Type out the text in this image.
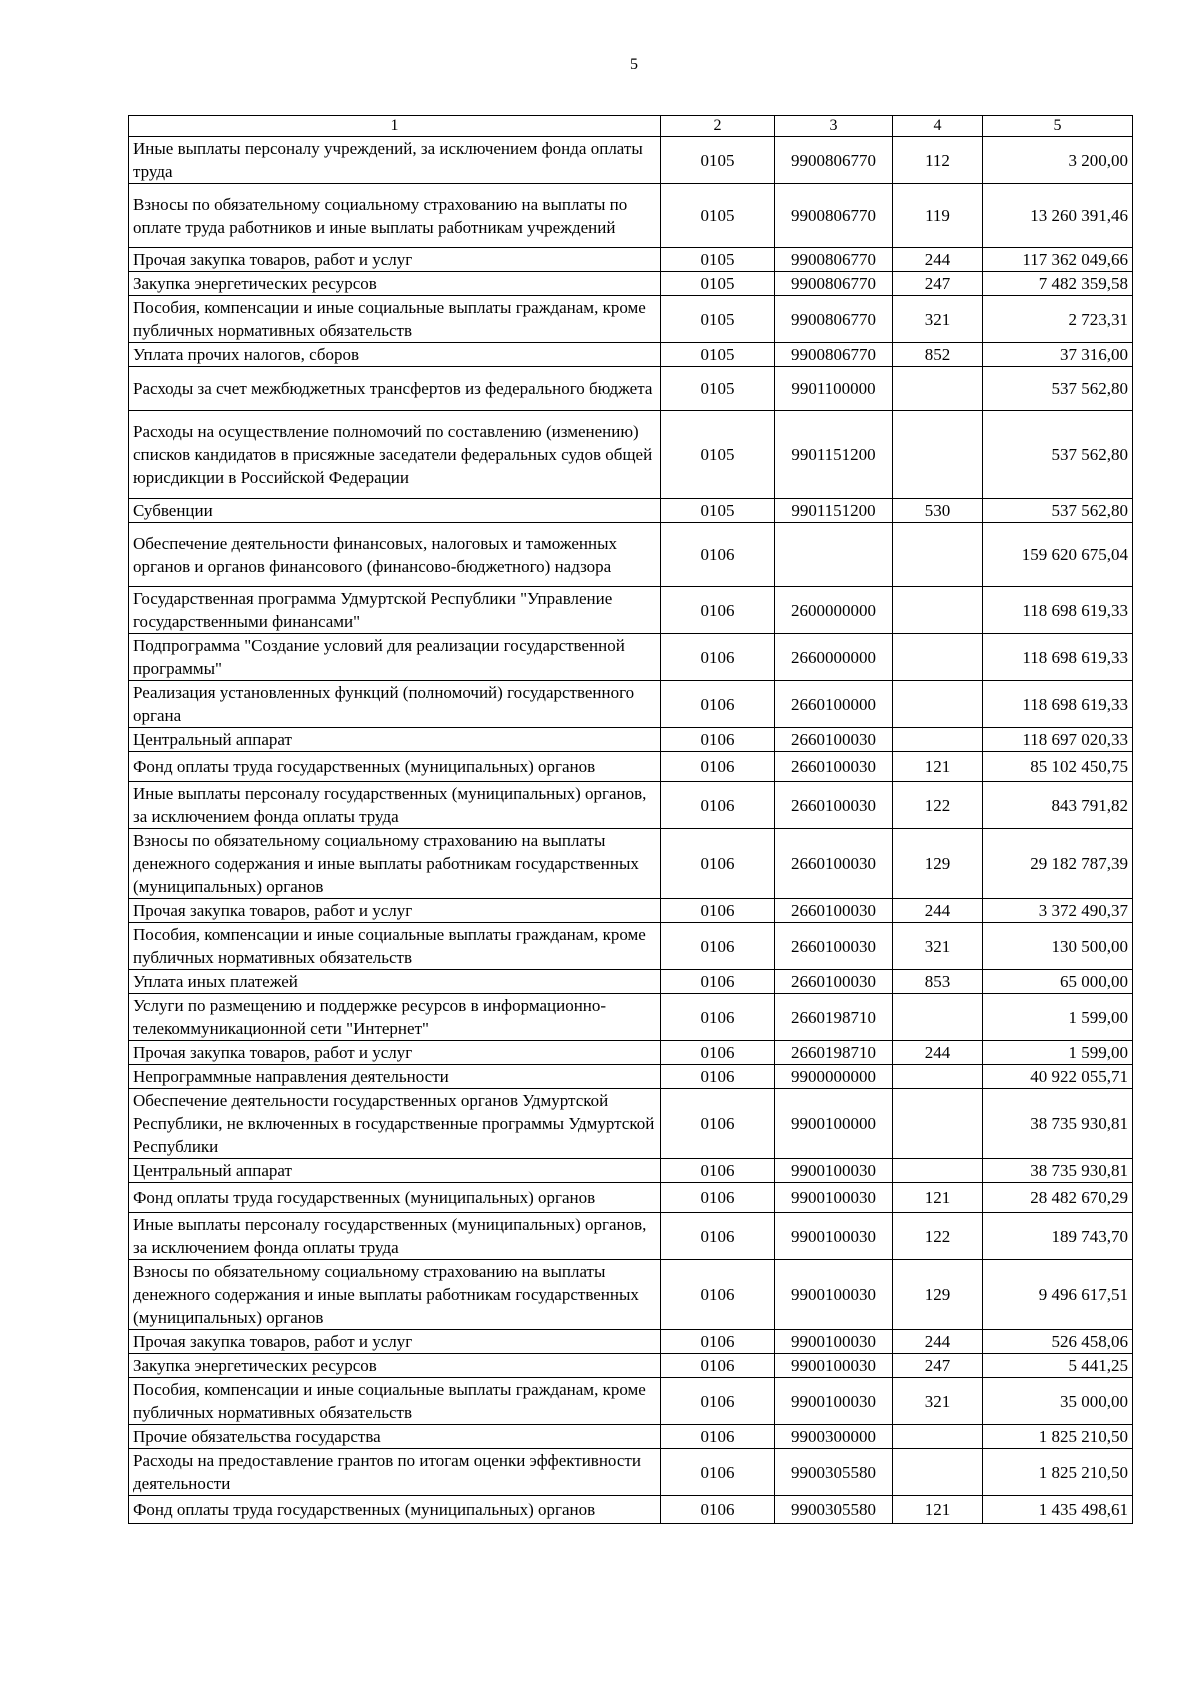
5
1	2	3	4	5
Иные выплаты персоналу учреждений, за исключением фонда оплаты труда	0105	9900806770	112	3 200,00
Взносы по обязательному социальному страхованию на выплаты по оплате труда работников и иные выплаты работникам учреждений	0105	9900806770	119	13 260 391,46
Прочая закупка товаров, работ и услуг	0105	9900806770	244	117 362 049,66
Закупка энергетических ресурсов	0105	9900806770	247	7 482 359,58
Пособия, компенсации и иные социальные выплаты гражданам, кроме публичных нормативных обязательств	0105	9900806770	321	2 723,31
Уплата прочих налогов, сборов	0105	9900806770	852	37 316,00
Расходы за счет межбюджетных трансфертов из федерального бюджета	0105	9901100000		537 562,80
Расходы на осуществление полномочий по составлению (изменению) списков кандидатов в присяжные заседатели федеральных судов общей юрисдикции в Российской Федерации	0105	9901151200		537 562,80
Субвенции	0105	9901151200	530	537 562,80
Обеспечение деятельности финансовых, налоговых и таможенных органов и органов финансового (финансово-бюджетного) надзора	0106			159 620 675,04
Государственная программа Удмуртской Республики "Управление государственными финансами"	0106	2600000000		118 698 619,33
Подпрограмма "Создание условий для реализации государственной программы"	0106	2660000000		118 698 619,33
Реализация установленных функций (полномочий) государственного органа	0106	2660100000		118 698 619,33
Центральный аппарат	0106	2660100030		118 697 020,33
Фонд оплаты труда государственных (муниципальных) органов	0106	2660100030	121	85 102 450,75
Иные выплаты персоналу государственных (муниципальных) органов, за исключением фонда оплаты труда	0106	2660100030	122	843 791,82
Взносы по обязательному социальному страхованию на выплаты денежного содержания и иные выплаты работникам государственных (муниципальных) органов	0106	2660100030	129	29 182 787,39
Прочая закупка товаров, работ и услуг	0106	2660100030	244	3 372 490,37
Пособия, компенсации и иные социальные выплаты гражданам, кроме публичных нормативных обязательств	0106	2660100030	321	130 500,00
Уплата иных платежей	0106	2660100030	853	65 000,00
Услуги по размещению и поддержке ресурсов в информационно-телекоммуникационной сети "Интернет"	0106	2660198710		1 599,00
Прочая закупка товаров, работ и услуг	0106	2660198710	244	1 599,00
Непрограммные направления деятельности	0106	9900000000		40 922 055,71
Обеспечение деятельности государственных органов Удмуртской Республики, не включенных в государственные программы Удмуртской Республики	0106	9900100000		38 735 930,81
Центральный аппарат	0106	9900100030		38 735 930,81
Фонд оплаты труда государственных (муниципальных) органов	0106	9900100030	121	28 482 670,29
Иные выплаты персоналу государственных (муниципальных) органов, за исключением фонда оплаты труда	0106	9900100030	122	189 743,70
Взносы по обязательному социальному страхованию на выплаты денежного содержания и иные выплаты работникам государственных (муниципальных) органов	0106	9900100030	129	9 496 617,51
Прочая закупка товаров, работ и услуг	0106	9900100030	244	526 458,06
Закупка энергетических ресурсов	0106	9900100030	247	5 441,25
Пособия, компенсации и иные социальные выплаты гражданам, кроме публичных нормативных обязательств	0106	9900100030	321	35 000,00
Прочие обязательства государства	0106	9900300000		1 825 210,50
Расходы на предоставление грантов по итогам оценки эффективности деятельности	0106	9900305580		1 825 210,50
Фонд оплаты труда государственных (муниципальных) органов	0106	9900305580	121	1 435 498,61
